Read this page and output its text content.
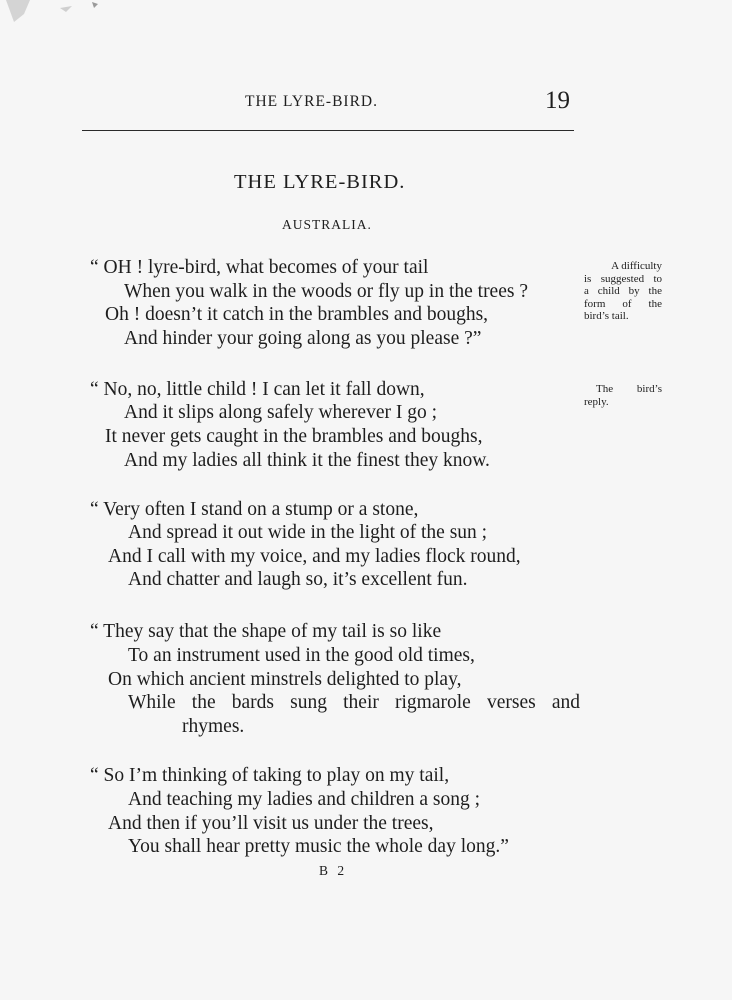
THE LYRE-BIRD.	19
THE LYRE-BIRD.
AUSTRALIA.
“ OH ! lyre-bird, what becomes of your tail
When you walk in the woods or fly up in the trees ?
Oh ! doesn’t it catch in the brambles and boughs,
And hinder your going along as you please ?”
“ No, no, little child ! I can let it fall down,
And it slips along safely wherever I go ;
It never gets caught in the brambles and boughs,
And my ladies all think it the finest they know.
“ Very often I stand on a stump or a stone,
And spread it out wide in the light of the sun ;
And I call with my voice, and my ladies flock round,
And chatter and laugh so, it’s excellent fun.
“ They say that the shape of my tail is so like
To an instrument used in the good old times,
On which ancient minstrels delighted to play,
While the bards sung their rigmarole verses and
rhymes.
“ So I’m thinking of taking to play on my tail,
And teaching my ladies and children a song ;
And then if you’ll visit us under the trees,
You shall hear pretty music the whole day long.”
A difficulty
is suggested to
a child by the
form of the
bird’s tail.
The bird’s
reply.
B 2
